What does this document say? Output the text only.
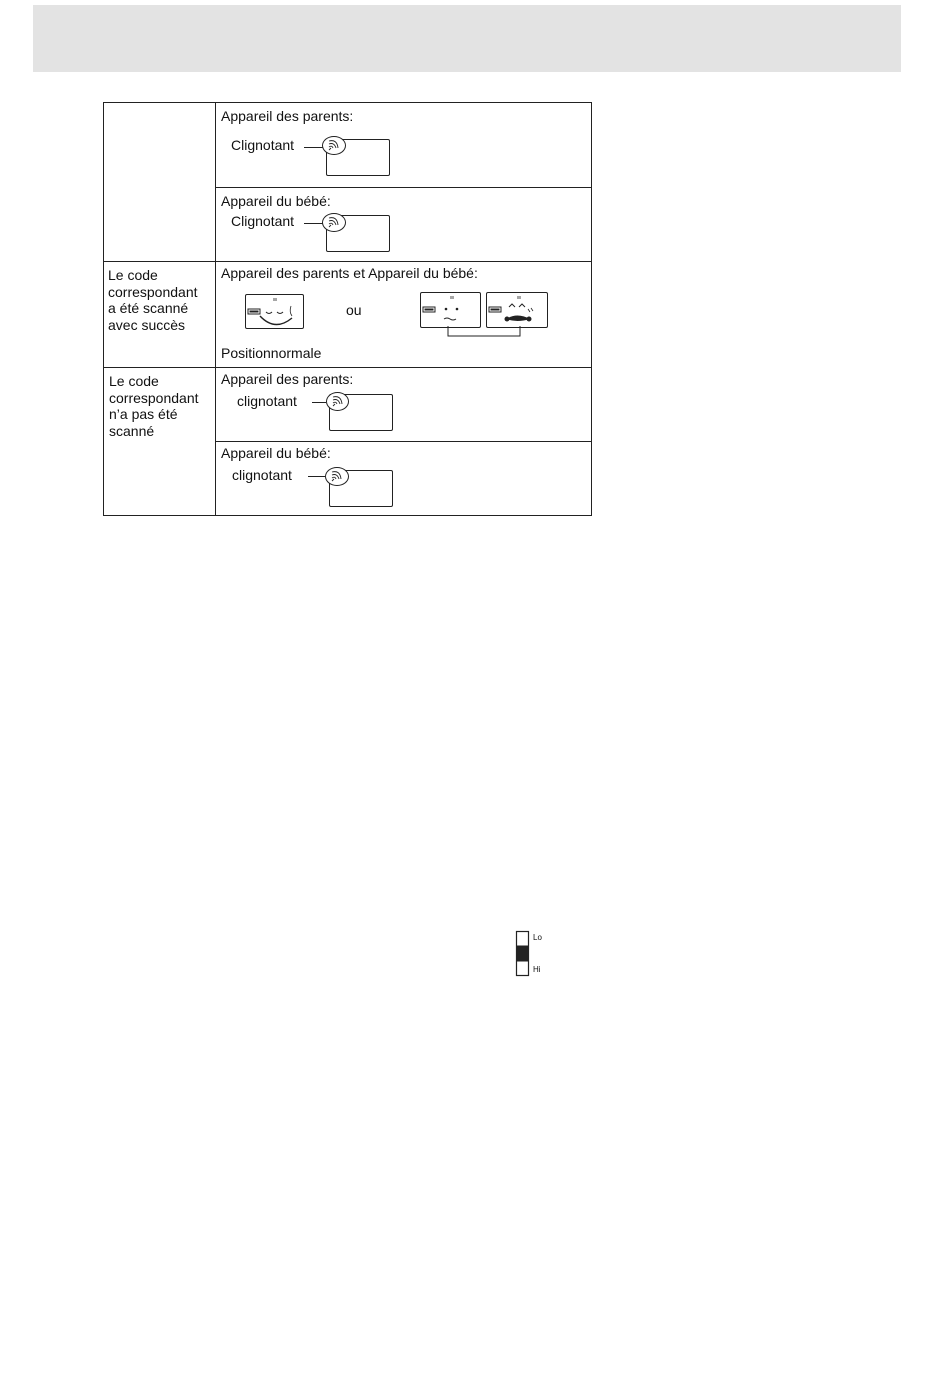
Appareil des parents:
Clignotant
Appareil du bébé:
Clignotant
Le code
correspondant
a été scanné
avec succès
Appareil des parents et Appareil du bébé:
ou
Positionnormale
Le code
correspondant
n’a pas été
scanné
Appareil des parents:
clignotant
Appareil du bébé:
clignotant
Lo
Hi
